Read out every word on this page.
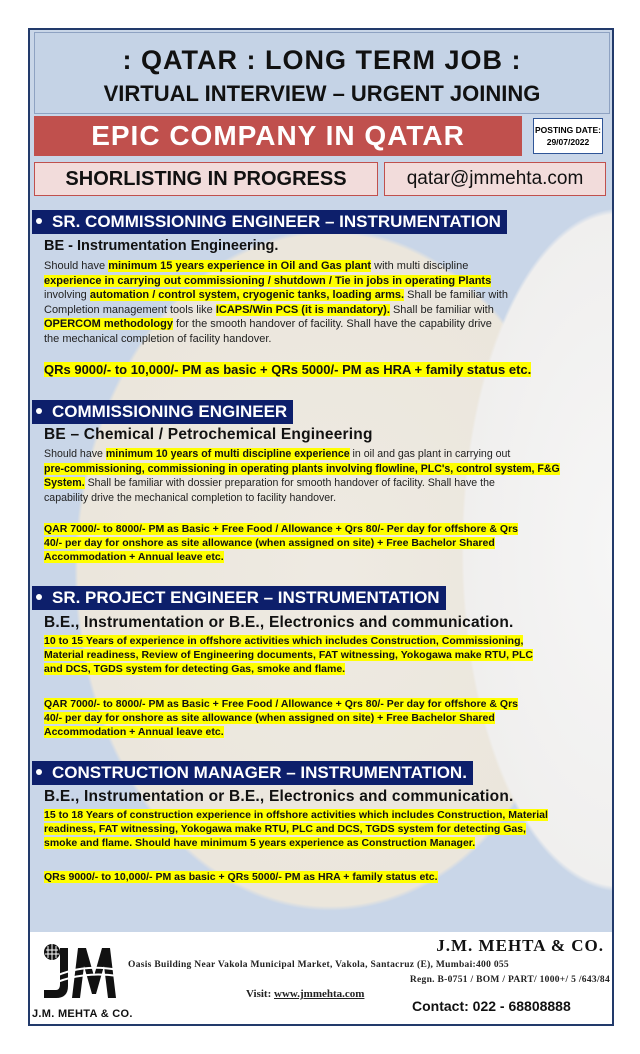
: QATAR : LONG TERM JOB :
VIRTUAL INTERVIEW – URGENT JOINING
EPIC COMPANY IN QATAR	POSTING DATE:
29/07/2022
SHORLISTING IN PROGRESS	qatar@jmmehta.com
SR. COMMISSIONING ENGINEER – INSTRUMENTATION
BE - Instrumentation Engineering.
Should have minimum 15 years experience in Oil and Gas plant with multi discipline
experience in carrying out commissioning / shutdown / Tie in jobs in operating Plants
involving automation / control system, cryogenic tanks, loading arms. Shall be familiar with
Completion management tools like ICAPS/Win PCS (it is mandatory). Shall be familiar with
OPERCOM methodology for the smooth handover of facility. Shall have the capability drive
the mechanical completion of facility handover.
QRs 9000/- to 10,000/- PM as basic + QRs 5000/- PM as HRA + family status etc.
COMMISSIONING ENGINEER
BE – Chemical / Petrochemical Engineering
Should have minimum 10 years of multi discipline experience in oil and gas plant in carrying out
pre-commissioning, commissioning in operating plants involving flowline, PLC's, control system, F&G
System. Shall be familiar with dossier preparation for smooth handover of facility. Shall have the
capability drive the mechanical completion to facility handover.
QAR 7000/- to 8000/- PM as Basic + Free Food / Allowance + Qrs 80/- Per day for offshore & Qrs
40/- per day for onshore as site allowance (when assigned on site) + Free Bachelor Shared
Accommodation + Annual leave etc.
SR. PROJECT ENGINEER – INSTRUMENTATION
B.E., Instrumentation or B.E., Electronics and communication.
10 to 15 Years of experience in offshore activities which includes Construction, Commissioning,
Material readiness, Review of Engineering documents, FAT witnessing, Yokogawa make RTU, PLC
and DCS, TGDS system for detecting Gas, smoke and flame.
QAR 7000/- to 8000/- PM as Basic + Free Food / Allowance + Qrs 80/- Per day for offshore & Qrs
40/- per day for onshore as site allowance (when assigned on site) + Free Bachelor Shared
Accommodation + Annual leave etc.
CONSTRUCTION MANAGER – INSTRUMENTATION.
B.E., Instrumentation or B.E., Electronics and communication.
15 to 18 Years of construction experience in offshore activities which includes Construction, Material
readiness, FAT witnessing, Yokogawa make RTU, PLC and DCS, TGDS system for detecting Gas,
smoke and flame. Should have minimum 5 years experience as Construction Manager.
QRs 9000/- to 10,000/- PM as basic + QRs 5000/- PM as HRA + family status etc.
J.M. MEHTA & CO.
J.M. MEHTA & CO.
Oasis Building Near Vakola Municipal Market, Vakola, Santacruz (E), Mumbai:400 055
Regn. B-0751 / BOM / PART/ 1000+/ 5 /643/84
Visit: www.jmmehta.com
Contact: 022 - 68808888
